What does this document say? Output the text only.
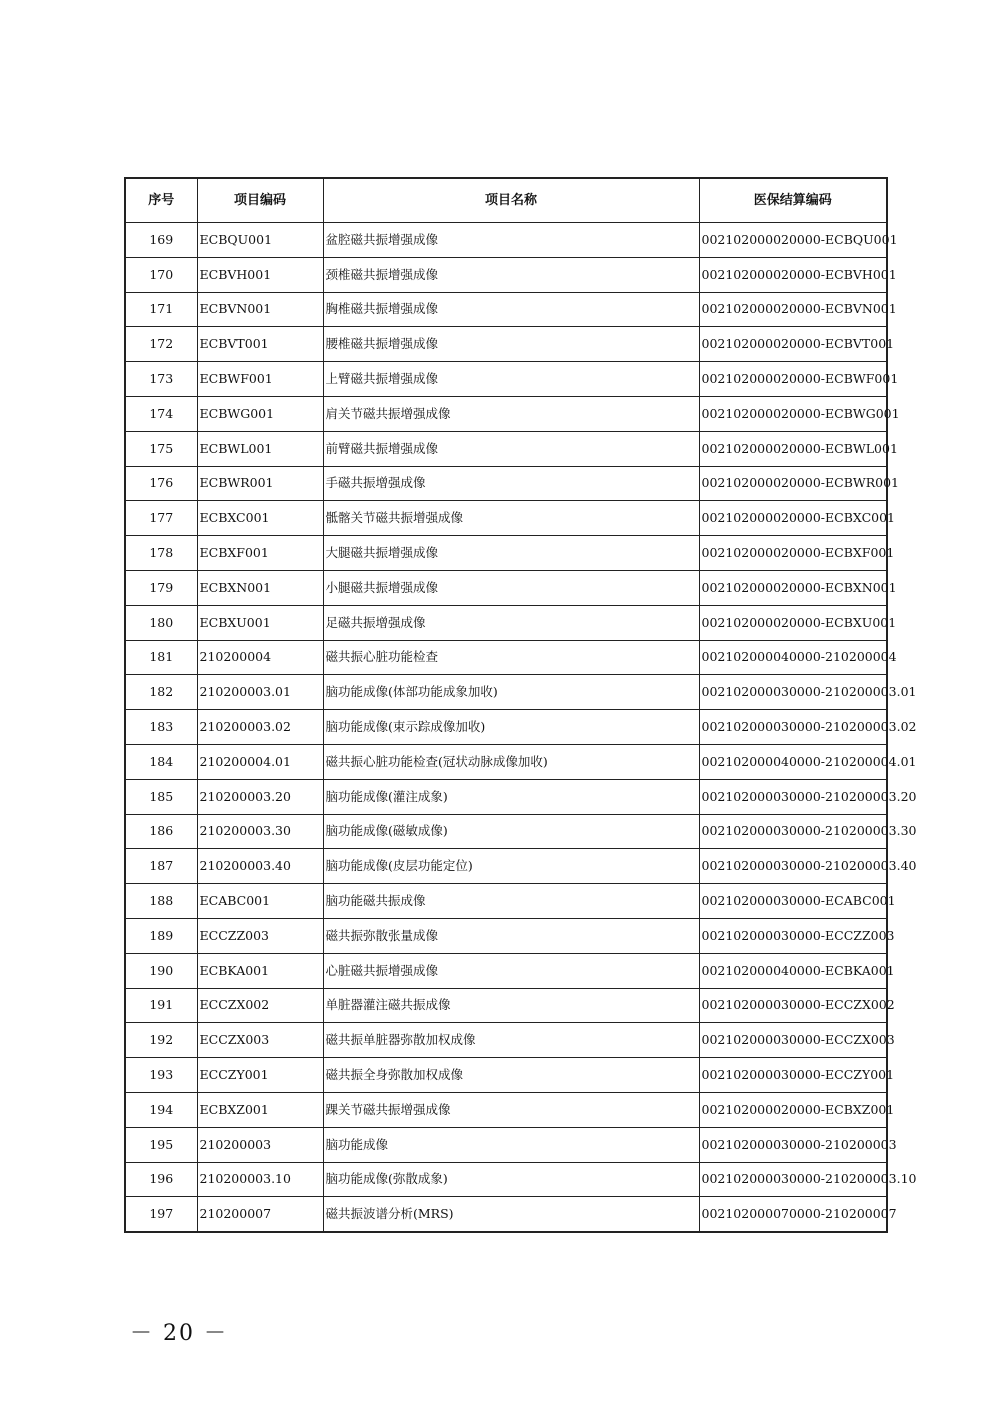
序号	项目编码	项目名称	医保结算编码
169	ECBQU001	盆腔磁共振增强成像	002102000020000-ECBQU001
170	ECBVH001	颈椎磁共振增强成像	002102000020000-ECBVH001
171	ECBVN001	胸椎磁共振增强成像	002102000020000-ECBVN001
172	ECBVT001	腰椎磁共振增强成像	002102000020000-ECBVT001
173	ECBWF001	上臂磁共振增强成像	002102000020000-ECBWF001
174	ECBWG001	肩关节磁共振增强成像	002102000020000-ECBWG001
175	ECBWL001	前臂磁共振增强成像	002102000020000-ECBWL001
176	ECBWR001	手磁共振增强成像	002102000020000-ECBWR001
177	ECBXC001	骶髂关节磁共振增强成像	002102000020000-ECBXC001
178	ECBXF001	大腿磁共振增强成像	002102000020000-ECBXF001
179	ECBXN001	小腿磁共振增强成像	002102000020000-ECBXN001
180	ECBXU001	足磁共振增强成像	002102000020000-ECBXU001
181	210200004	磁共振心脏功能检查	002102000040000-210200004
182	210200003.01	脑功能成像(体部功能成象加收)	002102000030000-210200003.01
183	210200003.02	脑功能成像(束示踪成像加收)	002102000030000-210200003.02
184	210200004.01	磁共振心脏功能检查(冠状动脉成像加收)	002102000040000-210200004.01
185	210200003.20	脑功能成像(灌注成象)	002102000030000-210200003.20
186	210200003.30	脑功能成像(磁敏成像)	002102000030000-210200003.30
187	210200003.40	脑功能成像(皮层功能定位)	002102000030000-210200003.40
188	ECABC001	脑功能磁共振成像	002102000030000-ECABC001
189	ECCZZ003	磁共振弥散张量成像	002102000030000-ECCZZ003
190	ECBKA001	心脏磁共振增强成像	002102000040000-ECBKA001
191	ECCZX002	单脏器灌注磁共振成像	002102000030000-ECCZX002
192	ECCZX003	磁共振单脏器弥散加权成像	002102000030000-ECCZX003
193	ECCZY001	磁共振全身弥散加权成像	002102000030000-ECCZY001
194	ECBXZ001	踝关节磁共振增强成像	002102000020000-ECBXZ001
195	210200003	脑功能成像	002102000030000-210200003
196	210200003.10	脑功能成像(弥散成象)	002102000030000-210200003.10
197	210200007	磁共振波谱分析(MRS)	002102000070000-210200007
－ 20 －
